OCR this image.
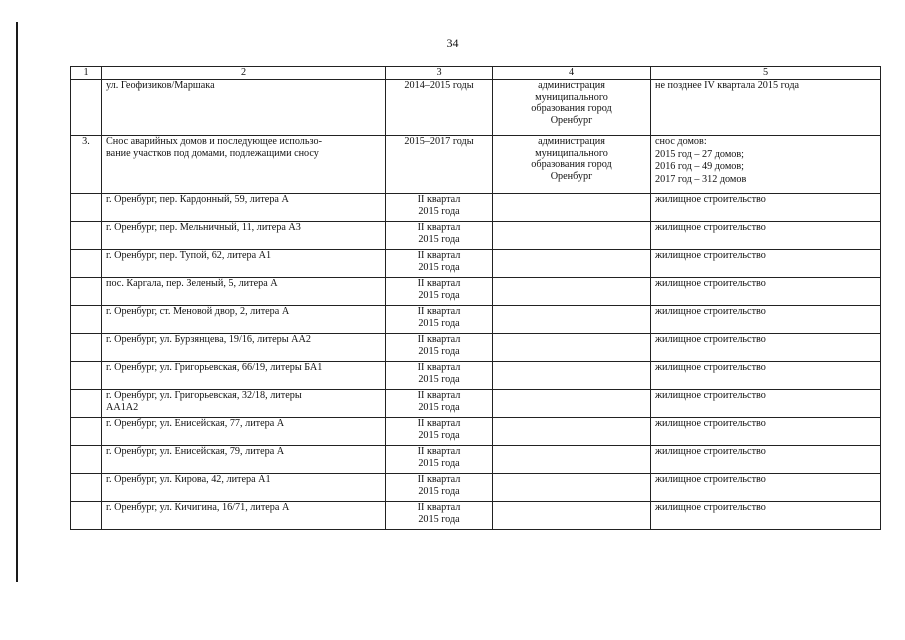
34
1	2	3	4	5
	ул. Геофизиков/Маршака	2014–2015 годы	администрация
муниципального
образования город
Оренбург	не позднее IV квартала 2015 года
3.	Снос аварийных домов и последующее использо-
вание участков под домами, подлежащими сносу	2015–2017 годы	администрация
муниципального
образования город
Оренбург	снос домов:
2015 год – 27 домов;
2016 год – 49 домов;
2017 год – 312 домов

	г. Оренбург, пер. Кардонный, 59, литера А	II квартал
2015 года		жилищное строительство

	г. Оренбург, пер. Мельничный, 11, литера А3	II квартал
2015 года		жилищное строительство

	г. Оренбург, пер. Тупой, 62, литера А1	II квартал
2015 года		жилищное строительство

	пос. Каргала, пер. Зеленый, 5, литера А	II квартал
2015 года		жилищное строительство

	г. Оренбург, ст. Меновой двор, 2, литера А	II квартал
2015 года		жилищное строительство

	г. Оренбург, ул. Бурзянцева, 19/16, литеры АА2	II квартал
2015 года		жилищное строительство

	г. Оренбург, ул. Григорьевская, 66/19, литеры БА1	II квартал
2015 года		жилищное строительство

	г. Оренбург, ул. Григорьевская, 32/18, литеры
АА1А2	II квартал
2015 года		жилищное строительство

	г. Оренбург, ул. Енисейская, 77, литера А	II квартал
2015 года		жилищное строительство

	г. Оренбург, ул. Енисейская, 79, литера А	II квартал
2015 года		жилищное строительство

	г. Оренбург, ул. Кирова, 42, литера А1	II квартал
2015 года		жилищное строительство

	г. Оренбург, ул. Кичигина, 16/71, литера А	II квартал
2015 года		жилищное строительство
